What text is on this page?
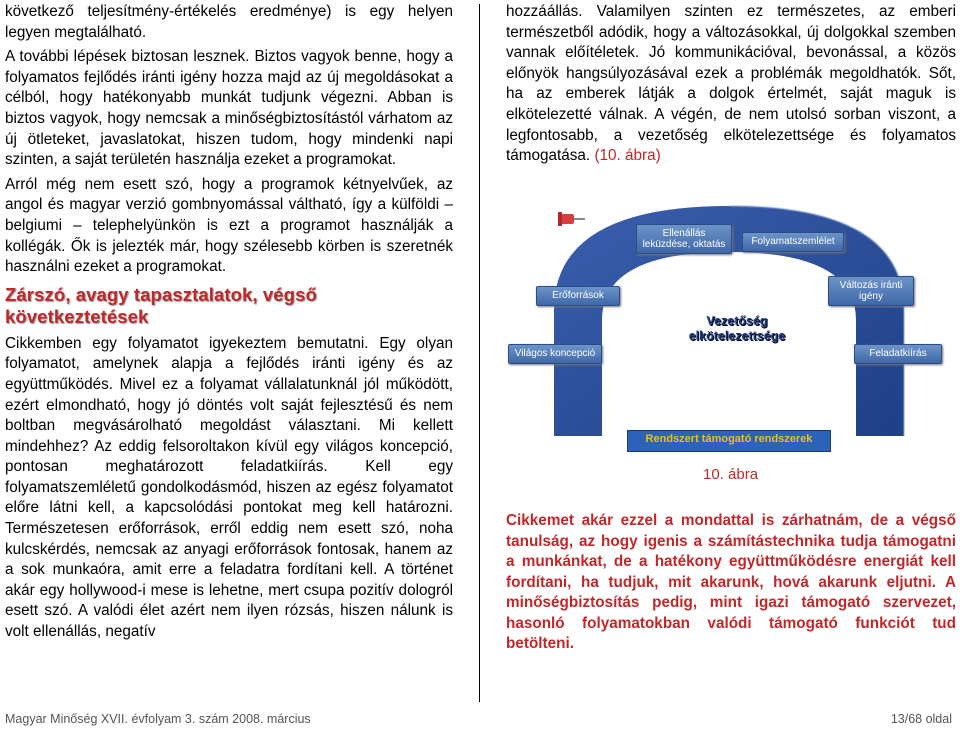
következő teljesítmény-értékelés eredménye) is egy helyen legyen megtalálható.

A további lépések biztosan lesznek. Biztos vagyok benne, hogy a folyamatos fejlődés iránti igény hozza majd az új megoldásokat a célból, hogy hatékonyabb munkát tudjunk végezni. Abban is biztos vagyok, hogy nemcsak a minőségbiztosítástól várhatom az új ötleteket, javaslatokat, hiszen tudom, hogy mindenki napi szinten, a saját területén használja ezeket a programokat.

Arról még nem esett szó, hogy a programok kétnyelvűek, az angol és magyar verzió gombnyomással váltható, így a külföldi – belgiumi – telephelyünkön is ezt a programot használják a kollégák. Ők is jelezték már, hogy szélesebb körben is szeretnék használni ezeket a programokat.

Zárszó, avagy tapasztalatok, végső következtetések

Cikkemben egy folyamatot igyekeztem bemutatni. Egy olyan folyamatot, amelynek alapja a fejlődés iránti igény és az együttműködés. Mivel ez a folyamat vállalatunknál jól működött, ezért elmondható, hogy jó döntés volt saját fejlesztésű és nem boltban megvásárolható megoldást választani. Mi kellett mindehhez? Az eddig felsoroltakon kívül egy világos koncepció, pontosan meghatározott feladatkiírás. Kell egy folyamatszemléletű gondolkodásmód, hiszen az egész folyamatot előre látni kell, a kapcsolódási pontokat meg kell határozni. Természetesen erőforrások, erről eddig nem esett szó, noha kulcskérdés, nemcsak az anyagi erőforrások fontosak, hanem az a sok munkaóra, amit erre a feladatra fordítani kell. A történet akár egy hollywood-i mese is lehetne, mert csupa pozitív dologról esett szó. A valódi élet azért nem ilyen rózsás, hiszen nálunk is volt ellenállás, negatív

hozzáállás. Valamilyen szinten ez természetes, az emberi természetből adódik, hogy a változásokkal, új dolgokkal szemben vannak előítéletek. Jó kommunikációval, bevonással, a közös előnyök hangsúlyozásával ezek a problémák megoldhatók. Sőt, ha az emberek látják a dolgok értelmét, saját maguk is elkötelezetté válnak. A végén, de nem utolsó sorban viszont, a legfontosabb, a vezetőség elkötelezettsége és folyamatos támogatása. (10. ábra)

Ellenállás
leküzdése, oktatás	Folyamatszemlélet
Változás iránti
igény
Erőforrások
Világos koncepció	Feladatkiírás
Vezetőség
elkötelezettsége
Rendszert támogató rendszerek
10. ábra

Cikkemet akár ezzel a mondattal is zárhatnám, de a végső tanulság, az hogy igenis a számítástechnika tudja támogatni a munkánkat, de a hatékony együttműködésre energiát kell fordítani, ha tudjuk, mit akarunk, hová akarunk eljutni. A minőségbiztosítás pedig, mint igazi támogató szervezet, hasonló folyamatokban valódi támogató funkciót tud betölteni.

Magyar Minőség XVII. évfolyam 3. szám 2008. március	13/68 oldal
